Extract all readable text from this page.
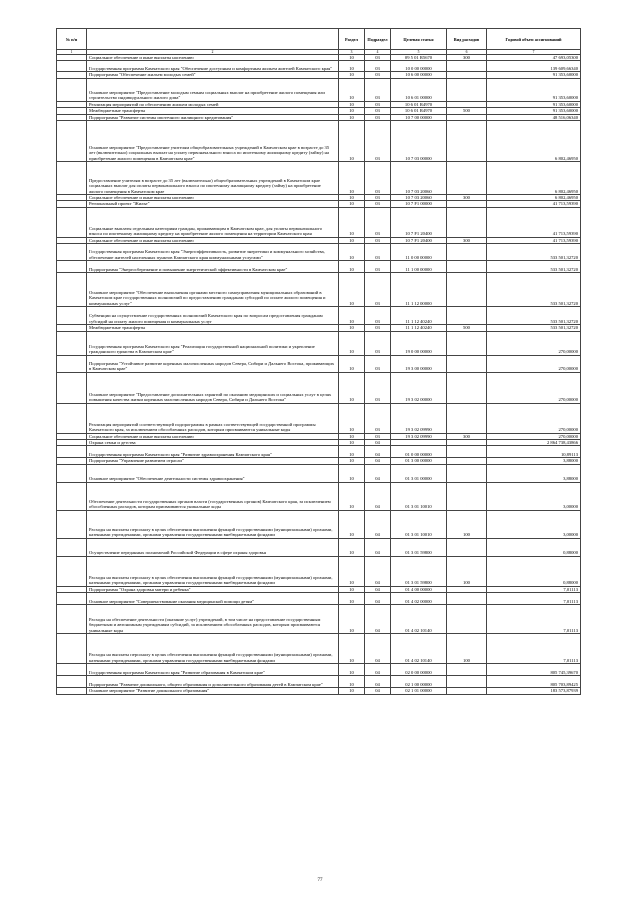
№ п/п		Раздел	Подраздел	Целевая статья	Вид расходов	Годовой объем ассигнований
1	2	3	4	5	6	7
	Социальное обеспечение и иные выплаты населению	10	03	09 5 01 R5670	300	47 693,05300
	Государственная программа Камчатского края "Обеспечение доступным и комфортным жильем жителей Камчатского края"	10	03	10 0 00 00000		139 609,66340
	Подпрограмма "Обеспечение жильем молодых семей"	10	03	10 6 00 00000		91 353,60000
	Основное мероприятие "Предоставление молодым семьям социальных выплат на приобретение жилого помещения или строительство индивидуального жилого дома"	10	03	10 6 01 00000		91 353,60000
	Реализация мероприятий по обеспечению жильем молодых семей	10	03	10 6 01 R4970		91 353,60000
	Межбюджетные трансферты	10	03	10 6 01 R4970	500	91 353,60000
	Подпрограмма "Развитие системы ипотечного жилищного кредитования"	10	03	10 7 00 00000		48 516,06340
	Основное мероприятие "Предоставление учителям общеобразовательных учреждений в Камчатском крае в возрасте до 35 лет (включительно) социальных выплат на уплату первоначального взноса по ипотечному жилищному кредиту (займу) на приобретение жилого помещения в Камчатском крае"	10	03	10 7 03 00000		6 802,46950
	Предоставление учителям в возрасте до 35 лет (включительно) общеобразовательных учреждений в Камчатском крае социальных выплат для оплаты первоначального взноса по ипотечному жилищному кредиту (займу) на приобретение жилого помещения в Камчатском крае	10	03	10 7 03 20060		6 802,46950
	Социальное обеспечение и иные выплаты населению	10	03	10 7 03 20060	300	6 802,46950
	Региональный проект "Жилье"	10	03	10 7 F1 00000		41 713,59390
	Социальные выплаты отдельным категориям граждан, проживающим в Камчатском крае, для уплаты первоначального взноса по ипотечному жилищному кредиту на приобретение жилого помещения на территории Камчатского края	10	03	10 7 F1 20400		41 713,59390
	Социальное обеспечение и иные выплаты населению	10	03	10 7 F1 20400	300	41 713,59390
	Государственная программа Камчатского края "Энергоэффективность, развитие энергетики и коммунального хозяйства, обеспечение жителей населенных пунктов Камчатского края коммунальными услугами"	10	03	11 0 00 00000		533 501,32720
	Подпрограмма "Энергосбережение и повышение энергетической эффективности в Камчатском крае"	10	03	11 1 00 00000		533 501,32720
	Основное мероприятие "Обеспечение выполнения органами местного самоуправления муниципальных образований в Камчатском крае государственных полномочий по предоставлению гражданам субсидий по оплате жилого помещения и коммунальных услуг"	10	03	11 1 12 00000		533 501,32720
	Субвенции на осуществление государственных полномочий Камчатского края по вопросам предоставления гражданам субсидий на оплату жилого помещения и коммунальных услуг	10	03	11 1 12 40240		533 501,32720
	Межбюджетные трансферты	10	03	11 1 12 40240	500	533 501,32720
	Государственная программа Камчатского края "Реализация государственной национальной политики и укрепление гражданского единства в Камчатском крае"	10	03	19 0 00 00000		270,00000
	Подпрограмма "Устойчивое развитие коренных малочисленных народов Севера, Сибири и Дальнего Востока, проживающих в Камчатском крае"	10	03	19 3 00 00000		270,00000
	Основное мероприятие "Предоставление дополнительных гарантий по оказанию медицинских и социальных услуг в целях повышения качества жизни коренных малочисленных народов Севера, Сибири и Дальнего Востока"	10	03	19 3 02 00000		270,00000
	Реализация мероприятий соответствующей подпрограммы в рамках соответствующей государственной программы Камчатского края, за исключением обособленных расходов, которым присваиваются уникальные коды	10	03	19 3 02 09990		270,00000
	Социальное обеспечение и иные выплаты населению	10	03	19 3 02 09990	300	270,00000
	Охрана семьи и детства	10	04			2 864 738,43866
	Государственная программа Камчатского края "Развитие здравоохранения Камчатского края"	10	04	01 0 00 00000		10,89113
	Подпрограмма "Управление развитием отрасли"	10	04	01 3 00 00000		3,88000
	Основное мероприятие "Обеспечение деятельности системы здравоохранения"	10	04	01 3 01 00000		3,88000
	Обеспечение деятельности государственных органов власти (государственных органов) Камчатского края, за исключением обособленных расходов, которым присваиваются уникальные коды	10	04	01 3 01 10010		3,00000
	Расходы на выплаты персоналу в целях обеспечения выполнения функций государственными (муниципальными) органами, казенными учреждениями, органами управления государственными внебюджетными фондами	10	04	01 3 01 10010	100	3,00000
	Осуществление переданных полномочий Российской Федерации в сфере охраны здоровья	10	04	01 3 01 59800		0,88000
	Расходы на выплаты персоналу в целях обеспечения выполнения функций государственными (муниципальными) органами, казенными учреждениями, органами управления государственными внебюджетными фондами	10	04	01 3 01 59800	100	0,88000
	Подпрограмма "Охрана здоровья матери и ребенка"	10	04	01 4 00 00000		7,01113
	Основное мероприятие "Совершенствование оказания медицинской помощи детям"	10	04	01 4 02 00000		7,01113
	Расходы на обеспечение деятельности (оказание услуг) учреждений, в том числе на предоставление государственным бюджетным и автономным учреждениям субсидий, за исключением обособленных расходов, которым присваиваются уникальные коды	10	04	01 4 02 10140		7,01113
	Расходы на выплаты персоналу в целях обеспечения выполнения функций государственными (муниципальными) органами, казенными учреждениями, органами управления государственными внебюджетными фондами	10	04	01 4 02 10140	100	7,01113
	Государственная программа Камчатского края "Развитие образования в Камчатском крае"	10	04	02 0 00 00000		805 745,39670
	Подпрограмма "Развитие дошкольного, общего образования и дополнительного образования детей в Камчатском крае"	10	04	02 1 00 00000		805 703,89425
	Основное мероприятие "Развитие дошкольного образования"	10	04	02 1 01 00000		183 573,87939
77
